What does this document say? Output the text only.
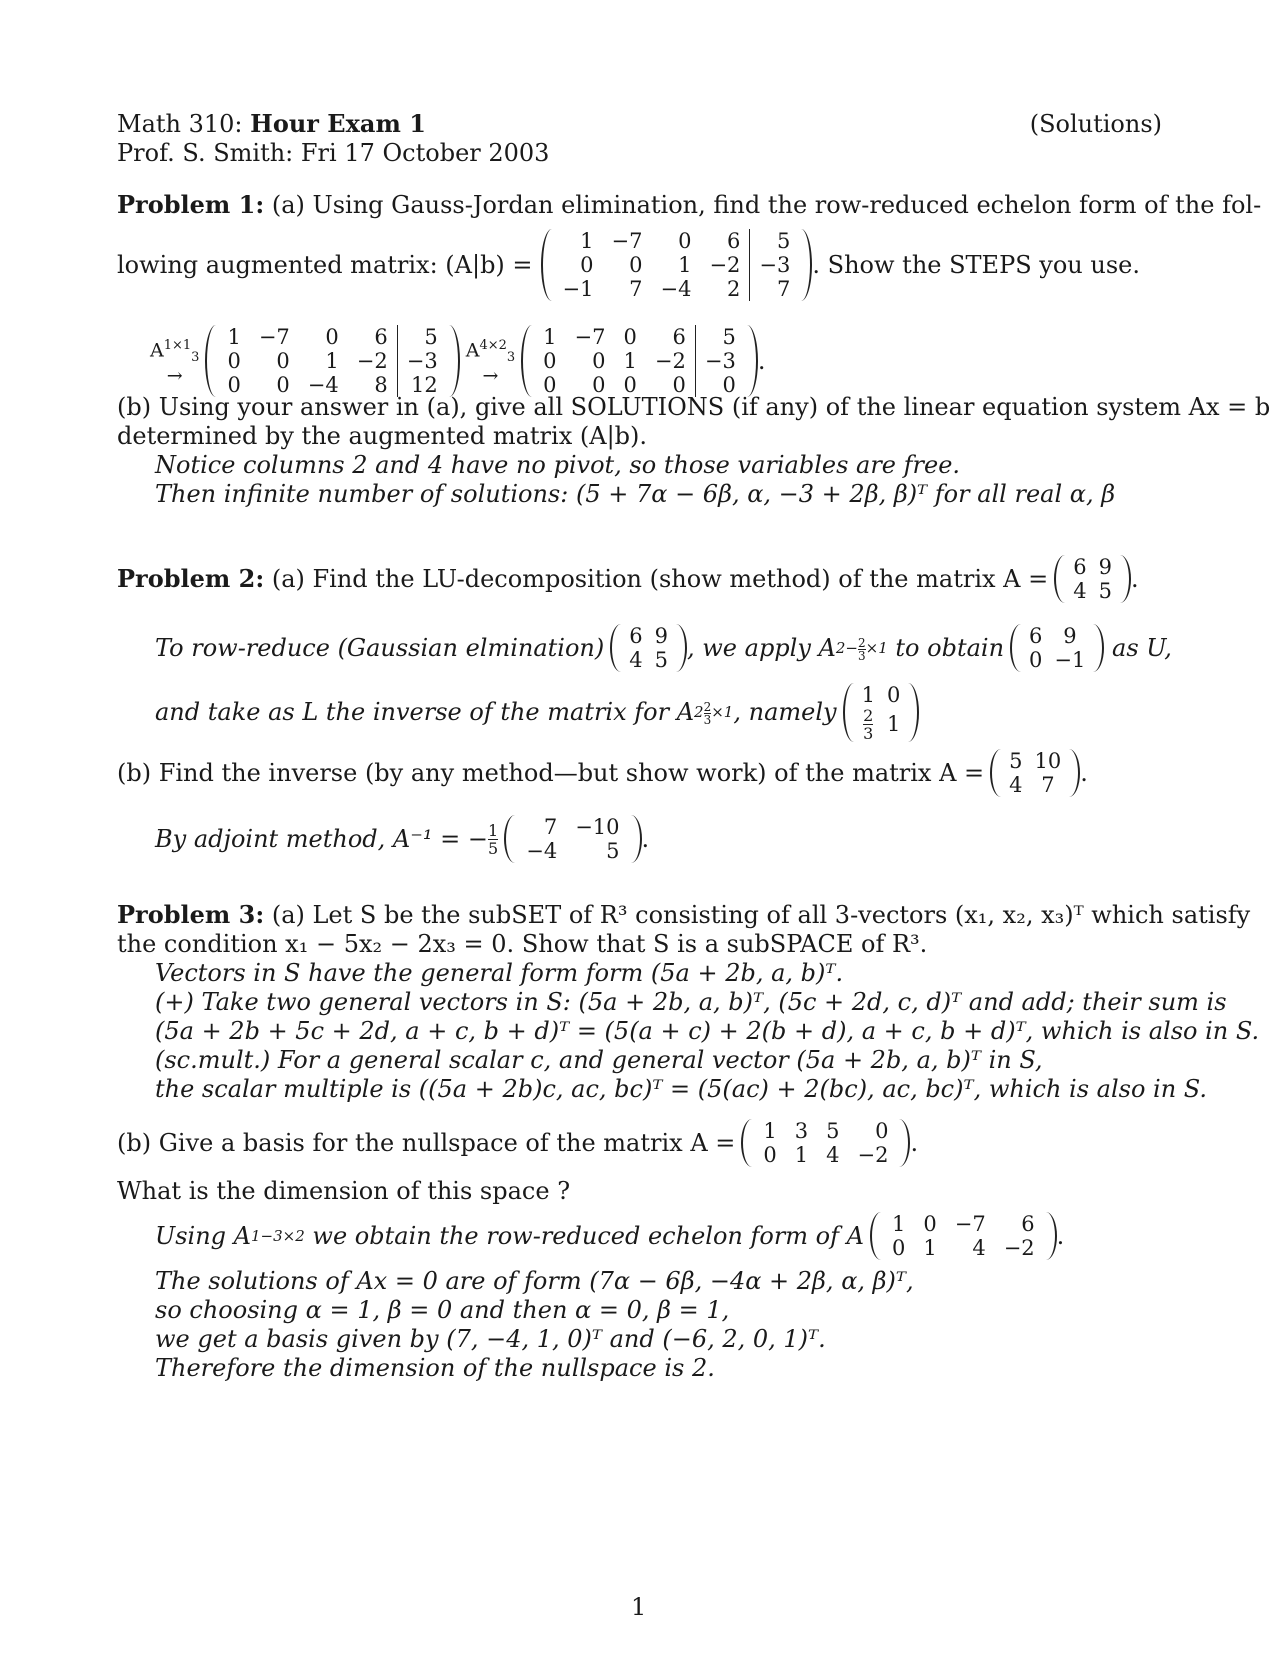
Math 310: Hour Exam 1	(Solutions)
Prof. S. Smith: Fri 17 October 2003
Problem 1: (a) Using Gauss-Jordan elimination, find the row-reduced echelon form of the fol-
lowing augmented matrix: (A|b) =
1	−7	0	6	5
0	0	1	−2	−3
−1	7	−4	2	7
. Show the STEPS you use.
$A^{1\times 1}_3$
→
1	−7	0	6	5
0	0	1	−2	−3
0	0	−4	8	12
$A^{4\times 2}_3$
→
1	−7	0	6	5
0	0	1	−2	−3
0	0	0	0	0
.
(b) Using your answer in (a), give all SOLUTIONS (if any) of the linear equation system Ax = b
determined by the augmented matrix (A|b).
Notice columns 2 and 4 have no pivot, so those variables are free.
Then infinite number of solutions: (5 + 7α − 6β, α, −3 + 2β, β)ᵀ for all real α, β
Problem 2:
(a) Find the LU-decomposition (show method) of the matrix A = 6	9
4	5 .
To row-reduce (Gaussian elmination) 6	9
4	5 , we apply A $2 - \frac{2}{3} \times 1$
to obtain 6	9
0	−1
as U,
and take as L the inverse of the matrix for A $2 \frac{2}{3} \times 1$ , namely
1	0

$\frac{2}{3}$	1
(b) Find the inverse (by any method—but show work) of the matrix A = 5	10
4	7 .
By adjoint method, A⁻¹ = − $\frac{1}{5} 7$	−10
−4	5 .
Problem 3: (a) Let S be the subSET of R³ consisting of all 3-vectors (x₁, x₂, x₃)ᵀ which satisfy
the condition x₁ − 5x₂ − 2x₃ = 0. Show that S is a subSPACE of R³.
Vectors in S have the general form form (5a + 2b, a, b)ᵀ.
(+) Take two general vectors in S: (5a + 2b, a, b)ᵀ, (5c + 2d, c, d)ᵀ and add; their sum is
(5a + 2b + 5c + 2d, a + c, b + d)ᵀ = (5(a + c) + 2(b + d), a + c, b + d)ᵀ, which is also in S.
(sc.mult.) For a general scalar c, and general vector (5a + 2b, a, b)ᵀ in S,
the scalar multiple is ((5a + 2b)c, ac, bc)ᵀ = (5(ac) + 2(bc), ac, bc)ᵀ, which is also in S.
(b) Give a basis for the nullspace of the matrix A = 1	3	5	0
0	1	4	−2 .
What is the dimension of this space ?
Using A 1 −3×2
we obtain the row-reduced echelon form of A 1	0	−7	6
0	1	4	−2 .
The solutions of Ax = 0 are of form (7α − 6β, −4α + 2β, α, β)ᵀ,
so choosing α = 1, β = 0 and then α = 0, β = 1,
we get a basis given by (7, −4, 1, 0)ᵀ and (−6, 2, 0, 1)ᵀ.
Therefore the dimension of the nullspace is 2.
1
